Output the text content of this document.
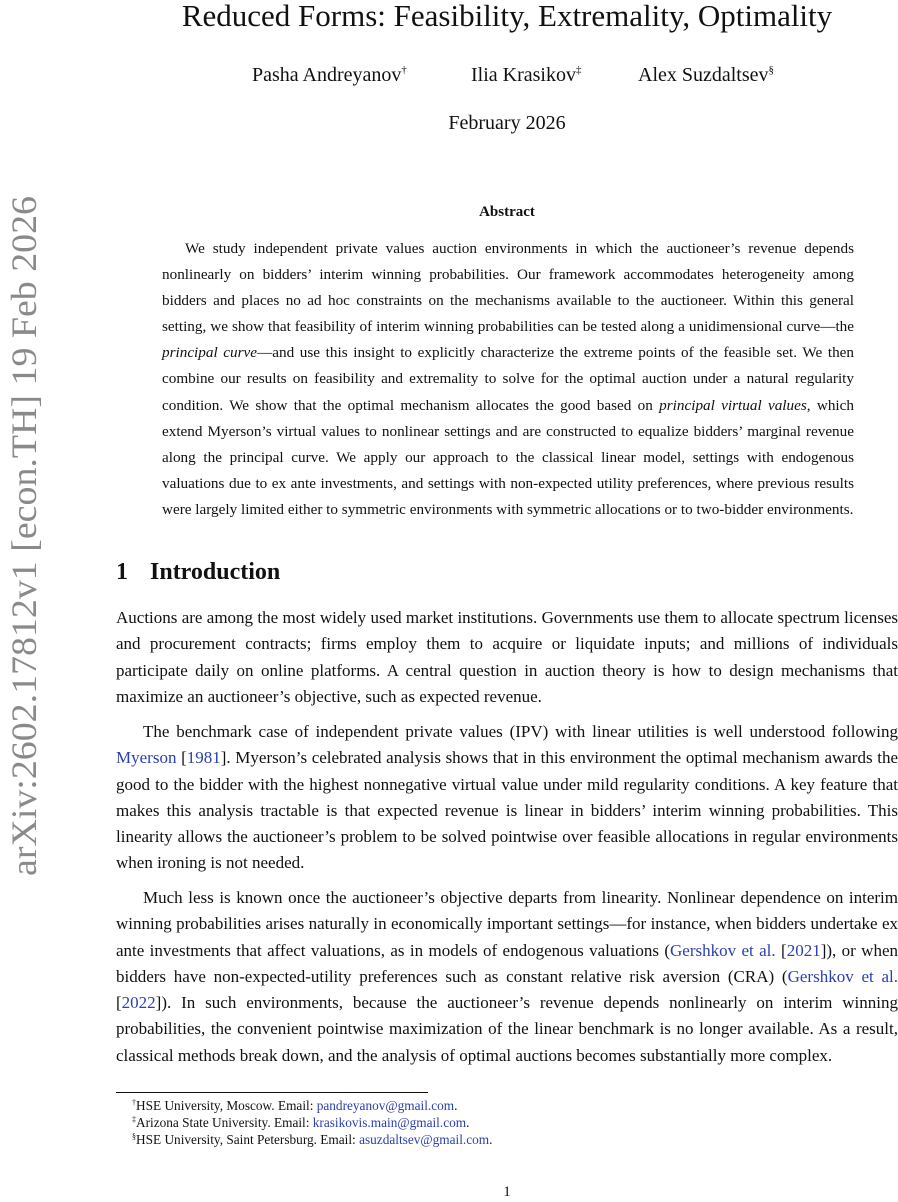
arXiv:2602.17812v1 [econ.TH] 19 Feb 2026
Reduced Forms: Feasibility, Extremality, Optimality
Pasha Andreyanov†	Ilia Krasikov‡	Alex Suzdaltsev§
February 2026
Abstract

We study independent private values auction environments in which the auctioneer’s revenue depends nonlinearly on bidders’ interim winning probabilities. Our framework accommodates heterogeneity among bidders and places no ad hoc constraints on the mechanisms available to the auctioneer. Within this general setting, we show that feasibility of interim winning probabilities can be tested along a unidimensional curve—the principal curve—and use this insight to explicitly characterize the extreme points of the feasible set. We then combine our results on feasibility and extremality to solve for the optimal auction under a natural regularity condition. We show that the optimal mechanism allocates the good based on principal virtual values, which extend Myerson’s virtual values to nonlinear settings and are constructed to equalize bidders’ marginal revenue along the principal curve. We apply our approach to the classical linear model, settings with endogenous valuations due to ex ante investments, and settings with non-expected utility preferences, where previous results were largely limited either to symmetric environments with symmetric allocations or to two-bidder environments.

1 Introduction

Auctions are among the most widely used market institutions. Governments use them to allocate spectrum licenses and procurement contracts; firms employ them to acquire or liquidate inputs; and millions of individuals participate daily on online platforms. A central question in auction theory is how to design mechanisms that maximize an auctioneer’s objective, such as expected revenue.

The benchmark case of independent private values (IPV) with linear utilities is well understood following Myerson [1981]. Myerson’s celebrated analysis shows that in this environment the optimal mechanism awards the good to the bidder with the highest nonnegative virtual value under mild regularity conditions. A key feature that makes this analysis tractable is that expected revenue is linear in bidders’ interim winning probabilities. This linearity allows the auctioneer’s problem to be solved pointwise over feasible allocations in regular environments when ironing is not needed.

Much less is known once the auctioneer’s objective departs from linearity. Nonlinear dependence on interim winning probabilities arises naturally in economically important settings—for instance, when bidders undertake ex ante investments that affect valuations, as in models of endogenous valuations (Gershkov et al. [2021]), or when bidders have non-expected-utility preferences such as constant relative risk aversion (CRA) (Gershkov et al. [2022]). In such environments, because the auctioneer’s revenue depends nonlinearly on interim winning probabilities, the convenient pointwise maximization of the linear benchmark is no longer available. As a result, classical methods break down, and the analysis of optimal auctions becomes substantially more complex.

†HSE University, Moscow. Email: pandreyanov@gmail.com.
‡Arizona State University. Email: krasikovis.main@gmail.com.
§HSE University, Saint Petersburg. Email: asuzdaltsev@gmail.com.
1
